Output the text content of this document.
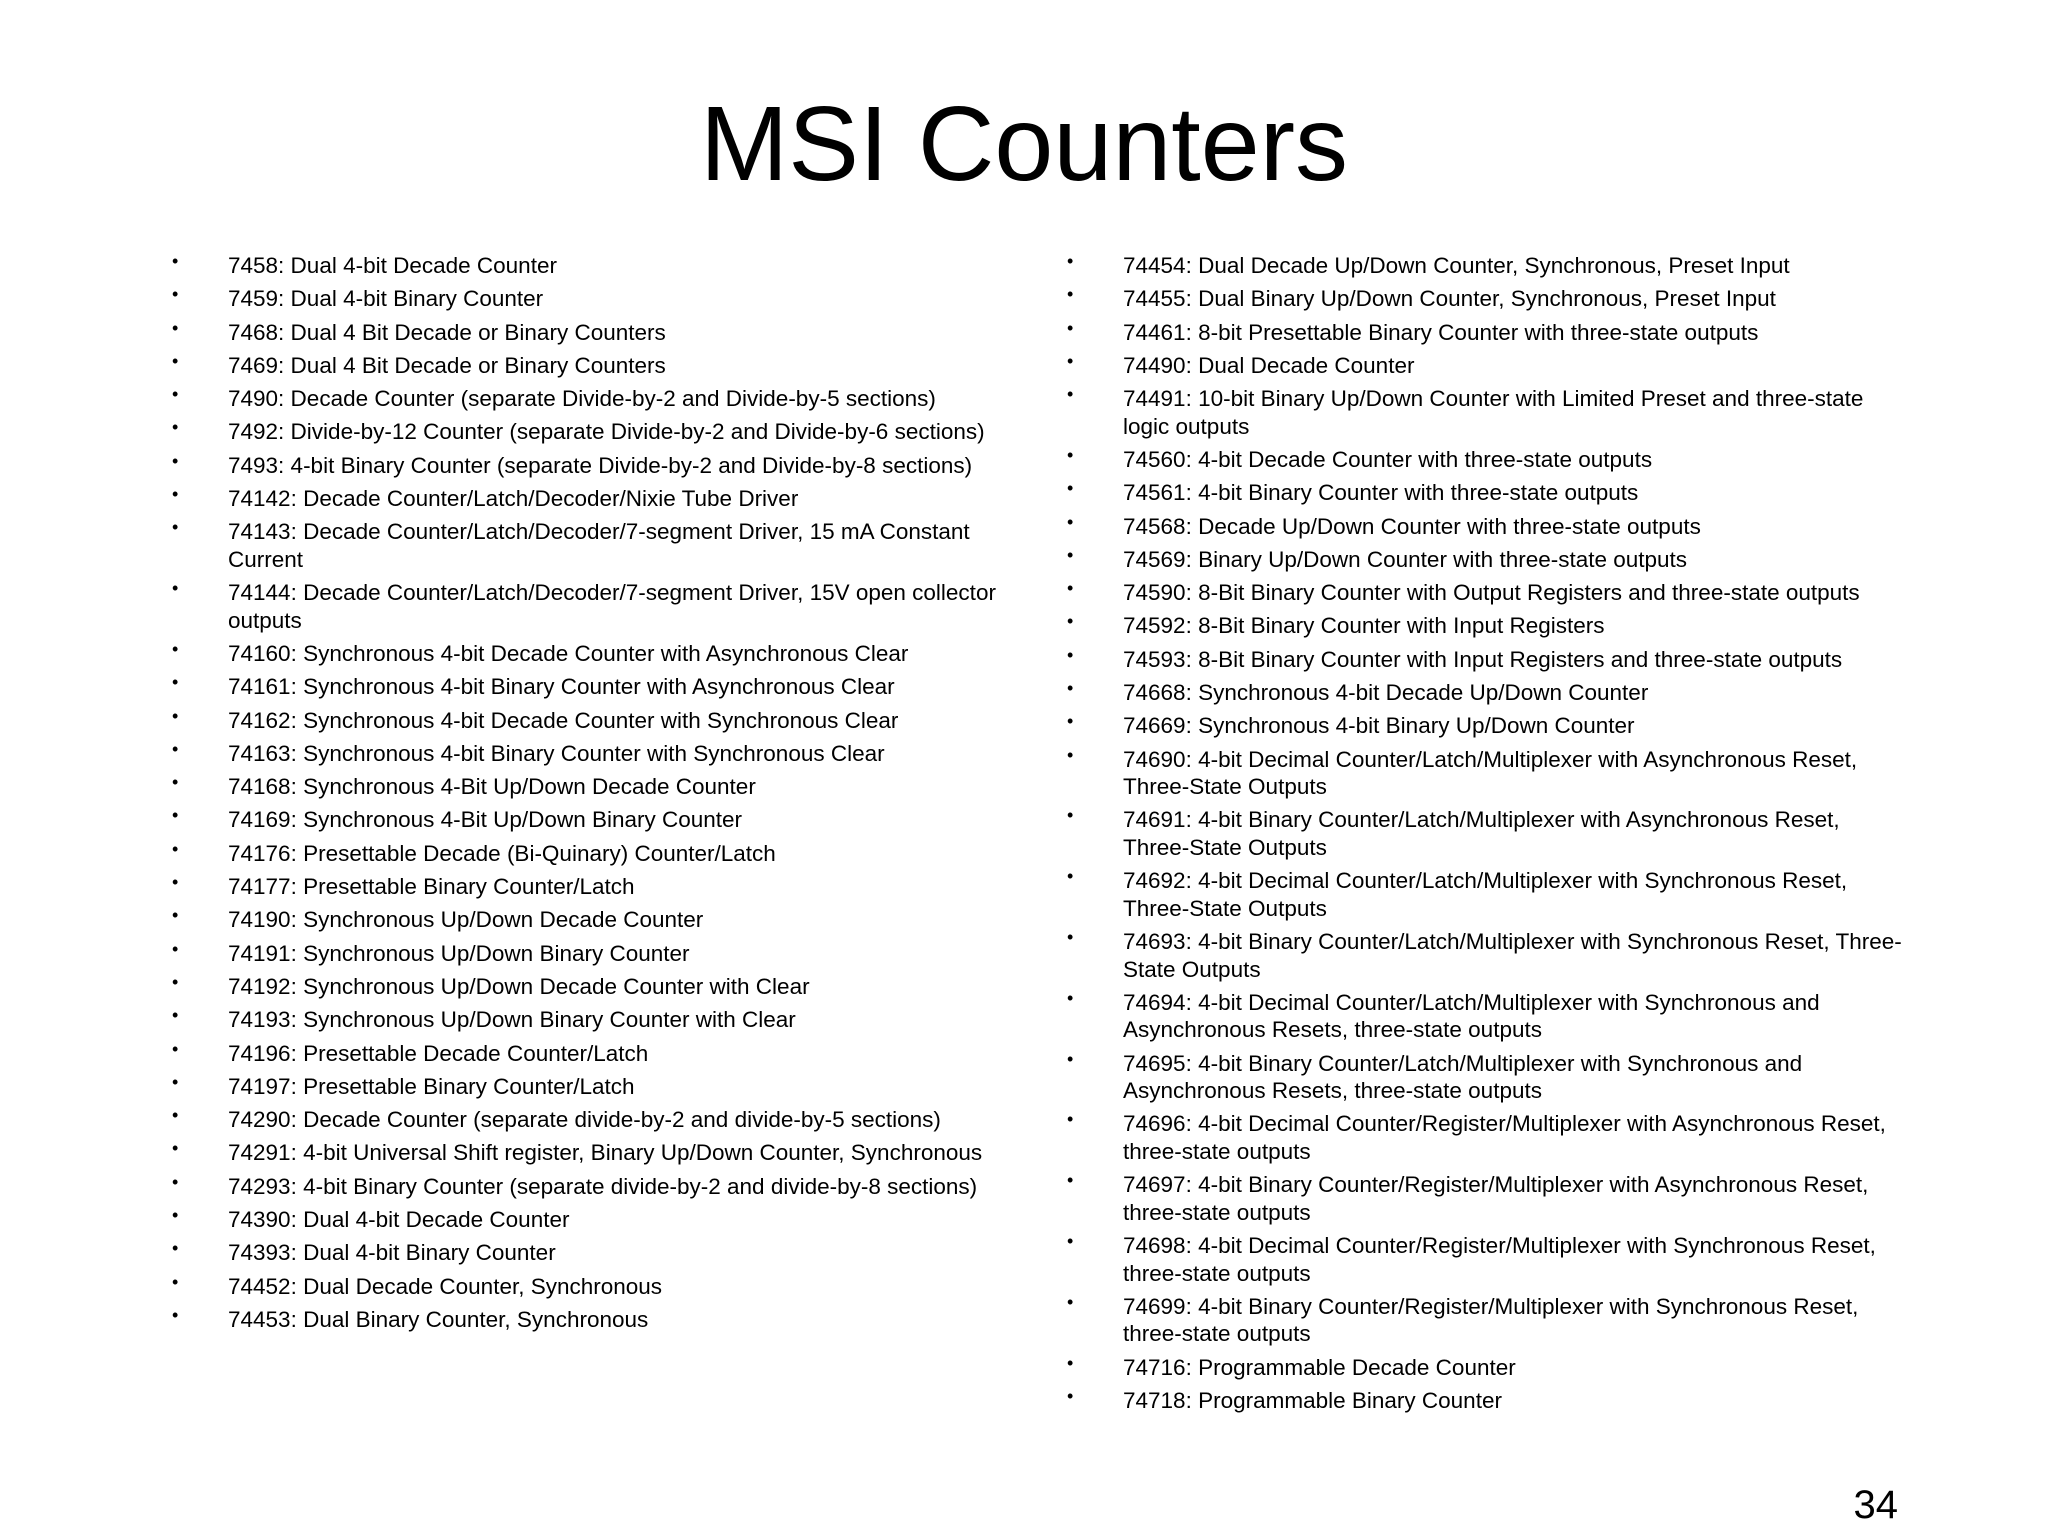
MSI Counters
• 7458: Dual 4-bit Decade Counter
• 7459: Dual 4-bit Binary Counter
• 7468: Dual 4 Bit Decade or Binary Counters
• 7469: Dual 4 Bit Decade or Binary Counters
• 7490: Decade Counter (separate Divide-by-2 and Divide-by-5 sections)
• 7492: Divide-by-12 Counter (separate Divide-by-2 and Divide-by-6 sections)
• 7493: 4-bit Binary Counter (separate Divide-by-2 and Divide-by-8 sections)
• 74142: Decade Counter/Latch/Decoder/Nixie Tube Driver
• 74143: Decade Counter/Latch/Decoder/7-segment Driver, 15 mA Constant Current
• 74144: Decade Counter/Latch/Decoder/7-segment Driver, 15V open collector outputs
• 74160: Synchronous 4-bit Decade Counter with Asynchronous Clear
• 74161: Synchronous 4-bit Binary Counter with Asynchronous Clear
• 74162: Synchronous 4-bit Decade Counter with Synchronous Clear
• 74163: Synchronous 4-bit Binary Counter with Synchronous Clear
• 74168: Synchronous 4-Bit Up/Down Decade Counter
• 74169: Synchronous 4-Bit Up/Down Binary Counter
• 74176: Presettable Decade (Bi-Quinary) Counter/Latch
• 74177: Presettable Binary Counter/Latch
• 74190: Synchronous Up/Down Decade Counter
• 74191: Synchronous Up/Down Binary Counter
• 74192: Synchronous Up/Down Decade Counter with Clear
• 74193: Synchronous Up/Down Binary Counter with Clear
• 74196: Presettable Decade Counter/Latch
• 74197: Presettable Binary Counter/Latch
• 74290: Decade Counter (separate divide-by-2 and divide-by-5 sections)
• 74291: 4-bit Universal Shift register, Binary Up/Down Counter, Synchronous
• 74293: 4-bit Binary Counter (separate divide-by-2 and divide-by-8 sections)
• 74390: Dual 4-bit Decade Counter
• 74393: Dual 4-bit Binary Counter
• 74452: Dual Decade Counter, Synchronous
• 74453: Dual Binary Counter, Synchronous
• 74454: Dual Decade Up/Down Counter, Synchronous, Preset Input
• 74455: Dual Binary Up/Down Counter, Synchronous, Preset Input
• 74461: 8-bit Presettable Binary Counter with three-state outputs
• 74490: Dual Decade Counter
• 74491: 10-bit Binary Up/Down Counter with Limited Preset and three-state logic outputs
• 74560: 4-bit Decade Counter with three-state outputs
• 74561: 4-bit Binary Counter with three-state outputs
• 74568: Decade Up/Down Counter with three-state outputs
• 74569: Binary Up/Down Counter with three-state outputs
• 74590: 8-Bit Binary Counter with Output Registers and three-state outputs
• 74592: 8-Bit Binary Counter with Input Registers
• 74593: 8-Bit Binary Counter with Input Registers and three-state outputs
• 74668: Synchronous 4-bit Decade Up/Down Counter
• 74669: Synchronous 4-bit Binary Up/Down Counter
• 74690: 4-bit Decimal Counter/Latch/Multiplexer with Asynchronous Reset, Three-State Outputs
• 74691: 4-bit Binary Counter/Latch/Multiplexer with Asynchronous Reset, Three-State Outputs
• 74692: 4-bit Decimal Counter/Latch/Multiplexer with Synchronous Reset, Three-State Outputs
• 74693: 4-bit Binary Counter/Latch/Multiplexer with Synchronous Reset, Three-State Outputs
• 74694: 4-bit Decimal Counter/Latch/Multiplexer with Synchronous and Asynchronous Resets, three-state outputs
• 74695: 4-bit Binary Counter/Latch/Multiplexer with Synchronous and Asynchronous Resets, three-state outputs
• 74696: 4-bit Decimal Counter/Register/Multiplexer with Asynchronous Reset, three-state outputs
• 74697: 4-bit Binary Counter/Register/Multiplexer with Asynchronous Reset, three-state outputs
• 74698: 4-bit Decimal Counter/Register/Multiplexer with Synchronous Reset, three-state outputs
• 74699: 4-bit Binary Counter/Register/Multiplexer with Synchronous Reset, three-state outputs
• 74716: Programmable Decade Counter
• 74718: Programmable Binary Counter
34
